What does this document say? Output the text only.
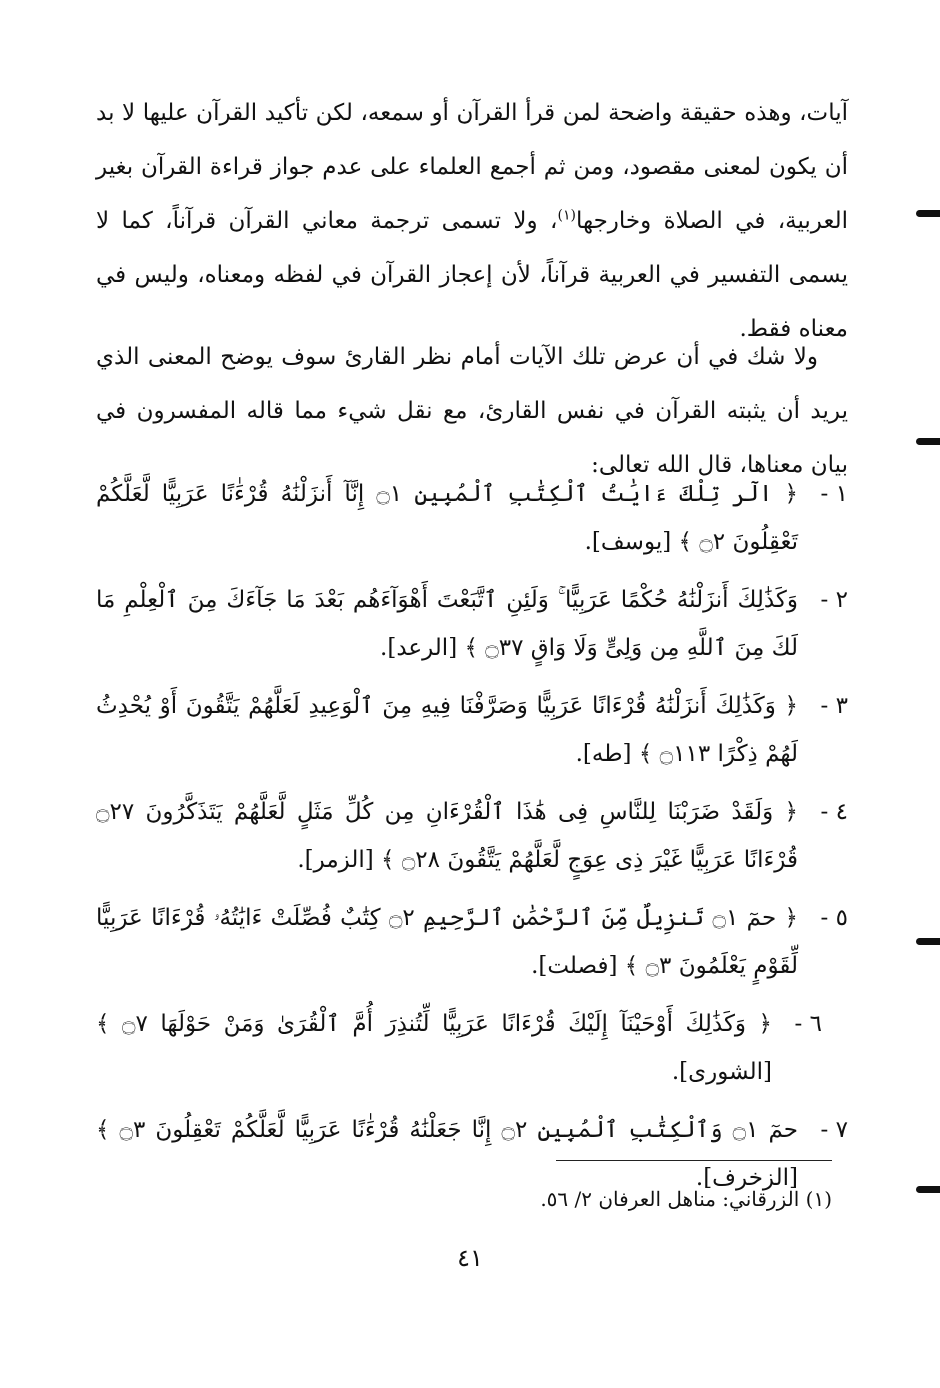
آيات، وهذه حقيقة واضحة لمن قرأ القرآن أو سمعه، لكن تأكيد القرآن عليها لا بد أن يكون لمعنى مقصود، ومن ثم أجمع العلماء على عدم جواز قراءة القرآن بغير العربية، في الصلاة وخارجها$^{(١)}$، ولا تسمى ترجمة معاني القرآن قرآناً، كما لا يسمى التفسير في العربية قرآناً، لأن إعجاز القرآن في لفظه ومعناه، وليس في معناه فقط.
ولا شك في أن عرض تلك الآيات أمام نظر القارئ سوف يوضح المعنى الذي يريد أن يثبته القرآن في نفس القارئ، مع نقل شيء مما قاله المفسرون في بيان معناها، قال الله تعالى:
١ -
﴿ الٓر تِلْكَ ءَايَٰتُ ٱلْكِتَٰبِ ٱلْمُبِينِ ۝١ إِنَّآ أَنزَلْنَٰهُ قُرْءَٰنًا عَرَبِيًّا لَّعَلَّكُمْ تَعْقِلُونَ ۝٢ ﴾ [يوسف].
٢ -
وَكَذَٰلِكَ أَنزَلْنَٰهُ حُكْمًا عَرَبِيًّا ۚ وَلَئِنِ ٱتَّبَعْتَ أَهْوَآءَهُم بَعْدَ مَا جَآءَكَ مِنَ ٱلْعِلْمِ مَا لَكَ مِنَ ٱللَّهِ مِن وَلِىٍّ وَلَا وَاقٍ ۝٣٧ ﴾ [الرعد].
٣ -
﴿ وَكَذَٰلِكَ أَنزَلْنَٰهُ قُرْءَانًا عَرَبِيًّا وَصَرَّفْنَا فِيهِ مِنَ ٱلْوَعِيدِ لَعَلَّهُمْ يَتَّقُونَ أَوْ يُحْدِثُ لَهُمْ ذِكْرًا ۝١١٣ ﴾ [طه].
٤ -
﴿ وَلَقَدْ ضَرَبْنَا لِلنَّاسِ فِى هَٰذَا ٱلْقُرْءَانِ مِن كُلِّ مَثَلٍ لَّعَلَّهُمْ يَتَذَكَّرُونَ ۝٢٧ قُرْءَانًا عَرَبِيًّا غَيْرَ ذِى عِوَجٍ لَّعَلَّهُمْ يَتَّقُونَ ۝٢٨ ﴾ [الزمر].
٥ -
﴿ حمٓ ۝١ تَنزِيلٌ مِّنَ ٱلرَّحْمَٰنِ ٱلرَّحِيمِ ۝٢ كِتَٰبٌ فُصِّلَتْ ءَايَٰتُهُۥ قُرْءَانًا عَرَبِيًّا لِّقَوْمٍ يَعْلَمُونَ ۝٣ ﴾ [فصلت].
٦ -
﴿ وَكَذَٰلِكَ أَوْحَيْنَآ إِلَيْكَ قُرْءَانًا عَرَبِيًّا لِّتُنذِرَ أُمَّ ٱلْقُرَىٰ وَمَنْ حَوْلَهَا ۝٧ ﴾ [الشورى].
٧ -
حمٓ ۝١ وَٱلْكِتَٰبِ ٱلْمُبِينِ ۝٢ إِنَّا جَعَلْنَٰهُ قُرْءَٰنًا عَرَبِيًّا لَّعَلَّكُمْ تَعْقِلُونَ ۝٣ ﴾ [الزخرف].
(١) الزرقاني: مناهل العرفان ٢/ ٥٦.
٤١
